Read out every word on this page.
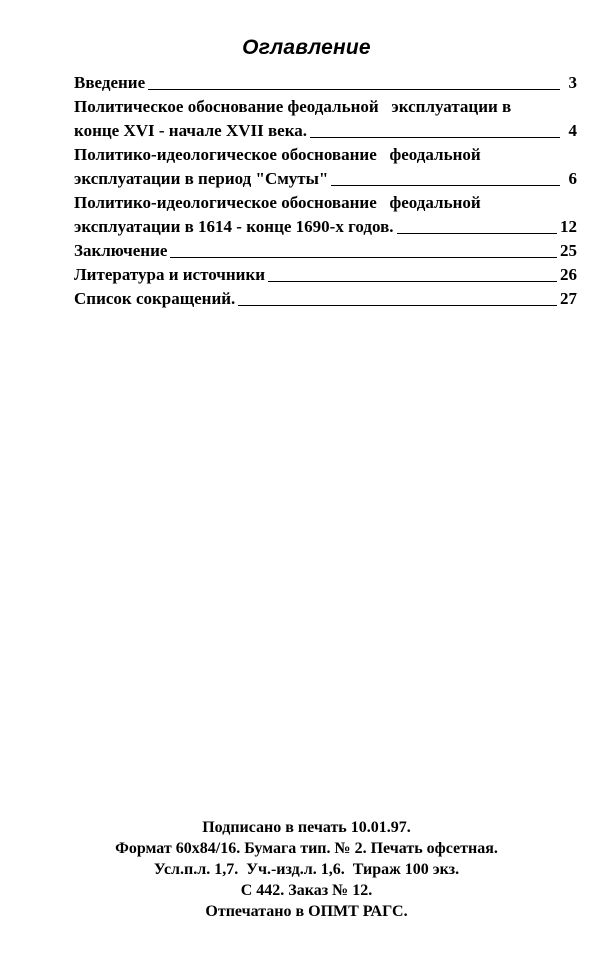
Оглавление
Введение	3
Политическое обоснование феодальной   эксплуатации в
конце XVI - начале XVII века.	4
Политико-идеологическое обоснование   феодальной
эксплуатации в период "Смуты"	6
Политико-идеологическое обоснование   феодальной
эксплуатации в 1614 - конце 1690-х годов.	12
Заключение	25
Литература и источники	26
Список сокращений.	27
Подписано в печать 10.01.97.
Формат 60x84/16. Бумага тип. № 2. Печать офсетная.
Усл.п.л. 1,7.  Уч.-изд.л. 1,6.  Тираж 100 экз.
С 442. Заказ № 12.
Отпечатано в ОПМТ РАГС.
